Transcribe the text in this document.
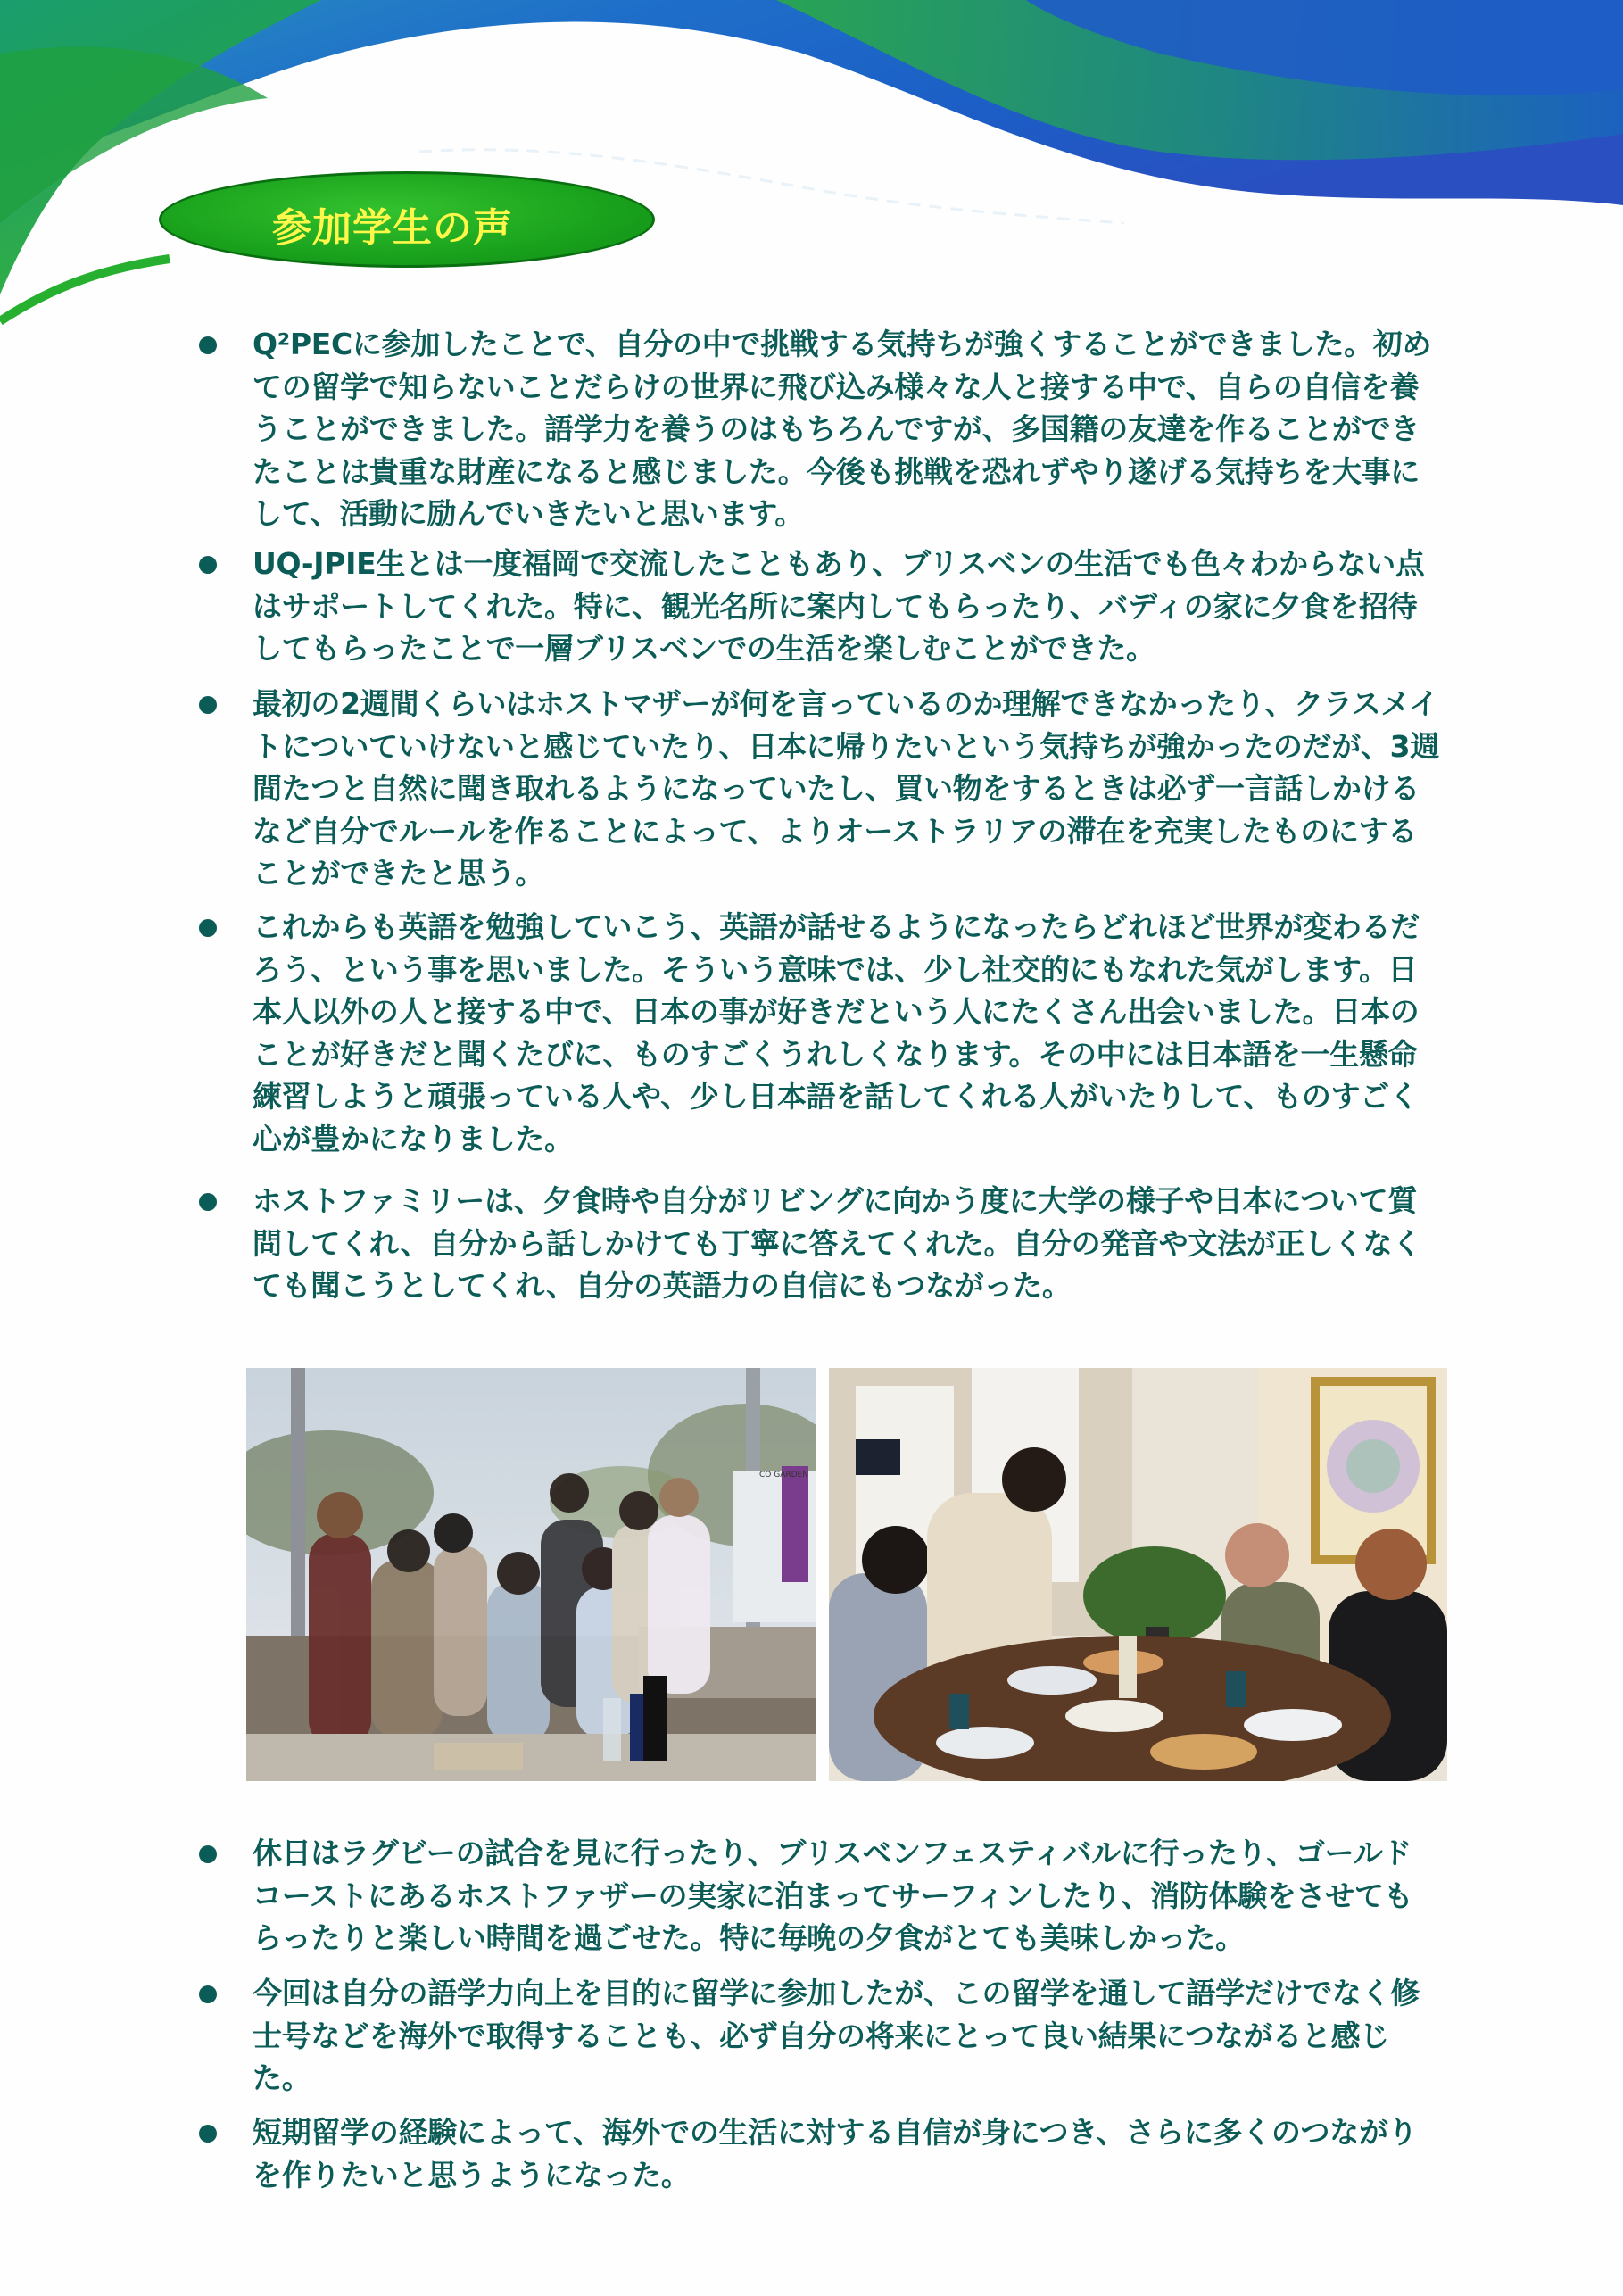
参加学生の声
Q²PECに参加したことで、自分の中で挑戦する気持ちが強くすることができました。初めての留学で知らないことだらけの世界に飛び込み様々な人と接する中で、自らの自信を養うことができました。語学力を養うのはもちろんですが、多国籍の友達を作ることができたことは貴重な財産になると感じました。今後も挑戦を恐れずやり遂げる気持ちを大事にして、活動に励んでいきたいと思います。
UQ-JPIE生とは一度福岡で交流したこともあり、ブリスベンの生活でも色々わからない点はサポートしてくれた。特に、観光名所に案内してもらったり、バディの家に夕食を招待してもらったことで一層ブリスベンでの生活を楽しむことができた。
最初の2週間くらいはホストマザーが何を言っているのか理解できなかったり、クラスメイトについていけないと感じていたり、日本に帰りたいという気持ちが強かったのだが、3週間たつと自然に聞き取れるようになっていたし、買い物をするときは必ず一言話しかけるなど自分でルールを作ることによって、よりオーストラリアの滞在を充実したものにすることができたと思う。
これからも英語を勉強していこう、英語が話せるようになったらどれほど世界が変わるだろう、という事を思いました。そういう意味では、少し社交的にもなれた気がします。日本人以外の人と接する中で、日本の事が好きだという人にたくさん出会いました。日本のことが好きだと聞くたびに、ものすごくうれしくなります。その中には日本語を一生懸命練習しようと頑張っている人や、少し日本語を話してくれる人がいたりして、ものすごく心が豊かになりました。
ホストファミリーは、夕食時や自分がリビングに向かう度に大学の様子や日本について質問してくれ、自分から話しかけても丁寧に答えてくれた。自分の発音や文法が正しくなくても聞こうとしてくれ、自分の英語力の自信にもつながった。
CO GARDEN
休日はラグビーの試合を見に行ったり、ブリスベンフェスティバルに行ったり、ゴールドコーストにあるホストファザーの実家に泊まってサーフィンしたり、消防体験をさせてもらったりと楽しい時間を過ごせた。特に毎晩の夕食がとても美味しかった。
今回は自分の語学力向上を目的に留学に参加したが、この留学を通して語学だけでなく修士号などを海外で取得することも、必ず自分の将来にとって良い結果につながると感じた。
短期留学の経験によって、海外での生活に対する自信が身につき、さらに多くのつながりを作りたいと思うようになった。
